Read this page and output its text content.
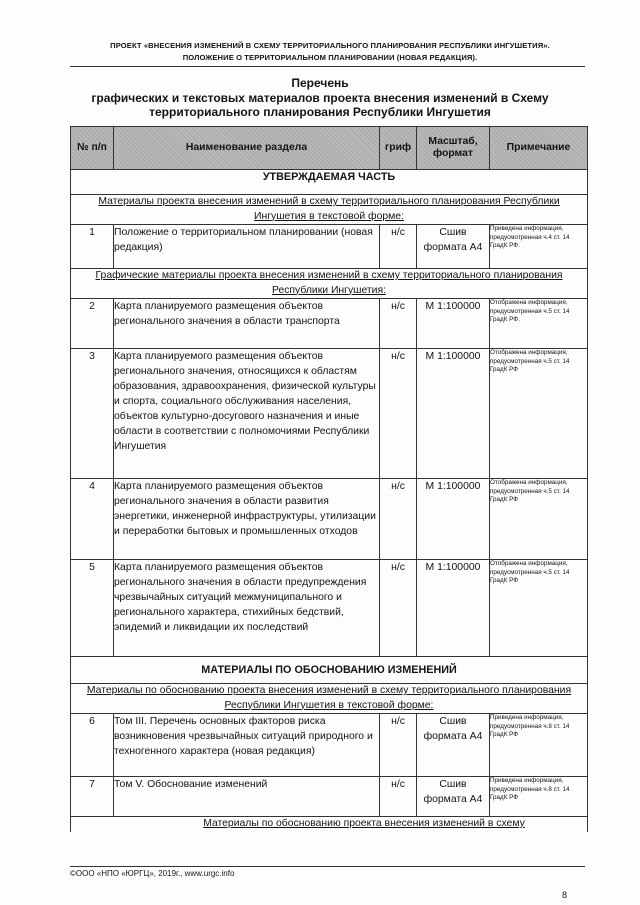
ПРОЕКТ «ВНЕСЕНИЯ ИЗМЕНЕНИЙ В СХЕМУ ТЕРРИТОРИАЛЬНОГО ПЛАНИРОВАНИЯ РЕСПУБЛИКИ ИНГУШЕТИЯ».
ПОЛОЖЕНИЕ О ТЕРРИТОРИАЛЬНОМ ПЛАНИРОВАНИИ (НОВАЯ РЕДАКЦИЯ).
Перечень
графических и текстовых материалов проекта внесения изменений в Схему
территориального планирования Республики Ингушетия
№ п/п	Наименование раздела	гриф	Масштаб, формат	Примечание
УТВЕРЖДАЕМАЯ ЧАСТЬ				
Материалы проекта внесения изменений в схему территориального планирования Республики Ингушетия в текстовой форме:				
1	Положение о территориальном планировании (новая редакция)	н/с	Сшив формата А4	Приведена информация, предусмотренная ч.4 ст. 14 ГрадК РФ.
Графические материалы проекта внесения изменений в схему территориального планирования Республики Ингушетия:				
2	Карта планируемого размещения объектов регионального значения в области транспорта	н/с	М 1:100000	Отображена информация, предусмотренная ч.5 ст. 14 ГрадК РФ.
3	Карта планируемого размещения объектов регионального значения, относящихся к областям образования, здравоохранения, физической культуры и спорта, социального обслуживания населения, объектов культурно-досугового назначения и иные области в соответствии с полномочиями Республики Ингушетия	н/с	М 1:100000	Отображена информация, предусмотренная ч.5 ст. 14 ГрадК РФ
4	Карта планируемого размещения объектов регионального значения в области развития энергетики, инженерной инфраструктуры, утилизации и переработки бытовых и промышленных отходов	н/с	М 1:100000	Отображена информация, предусмотренная ч.5 ст. 14 ГрадК РФ
5	Карта планируемого размещения объектов регионального значения в области предупреждения чрезвычайных ситуаций межмуниципального и регионального характера, стихийных бедствий, эпидемий и ликвидации их последствий	н/с	М 1:100000	Отображена информация, предусмотренная ч.5 ст. 14 ГрадК РФ
МАТЕРИАЛЫ ПО ОБОСНОВАНИЮ ИЗМЕНЕНИЙ				
Материалы по обоснованию проекта внесения изменений в схему территориального планирования Республики Ингушетия в текстовой форме:				
6	Том III. Перечень основных факторов риска возникновения чрезвычайных ситуаций природного и техногенного характера (новая редакция)	н/с	Сшив формата А4	Приведена информация, предусмотренная ч.8 ст. 14 ГрадК РФ
7	Том V. Обоснование изменений	н/с	Сшив формата А4	Приведена информация, предусмотренная ч.8 ст. 14 ГрадК РФ
Материалы по обоснованию проекта внесения изменений в схему				
©ООО «НПО «ЮРГЦ», 2019г., www.urgc.info
8
